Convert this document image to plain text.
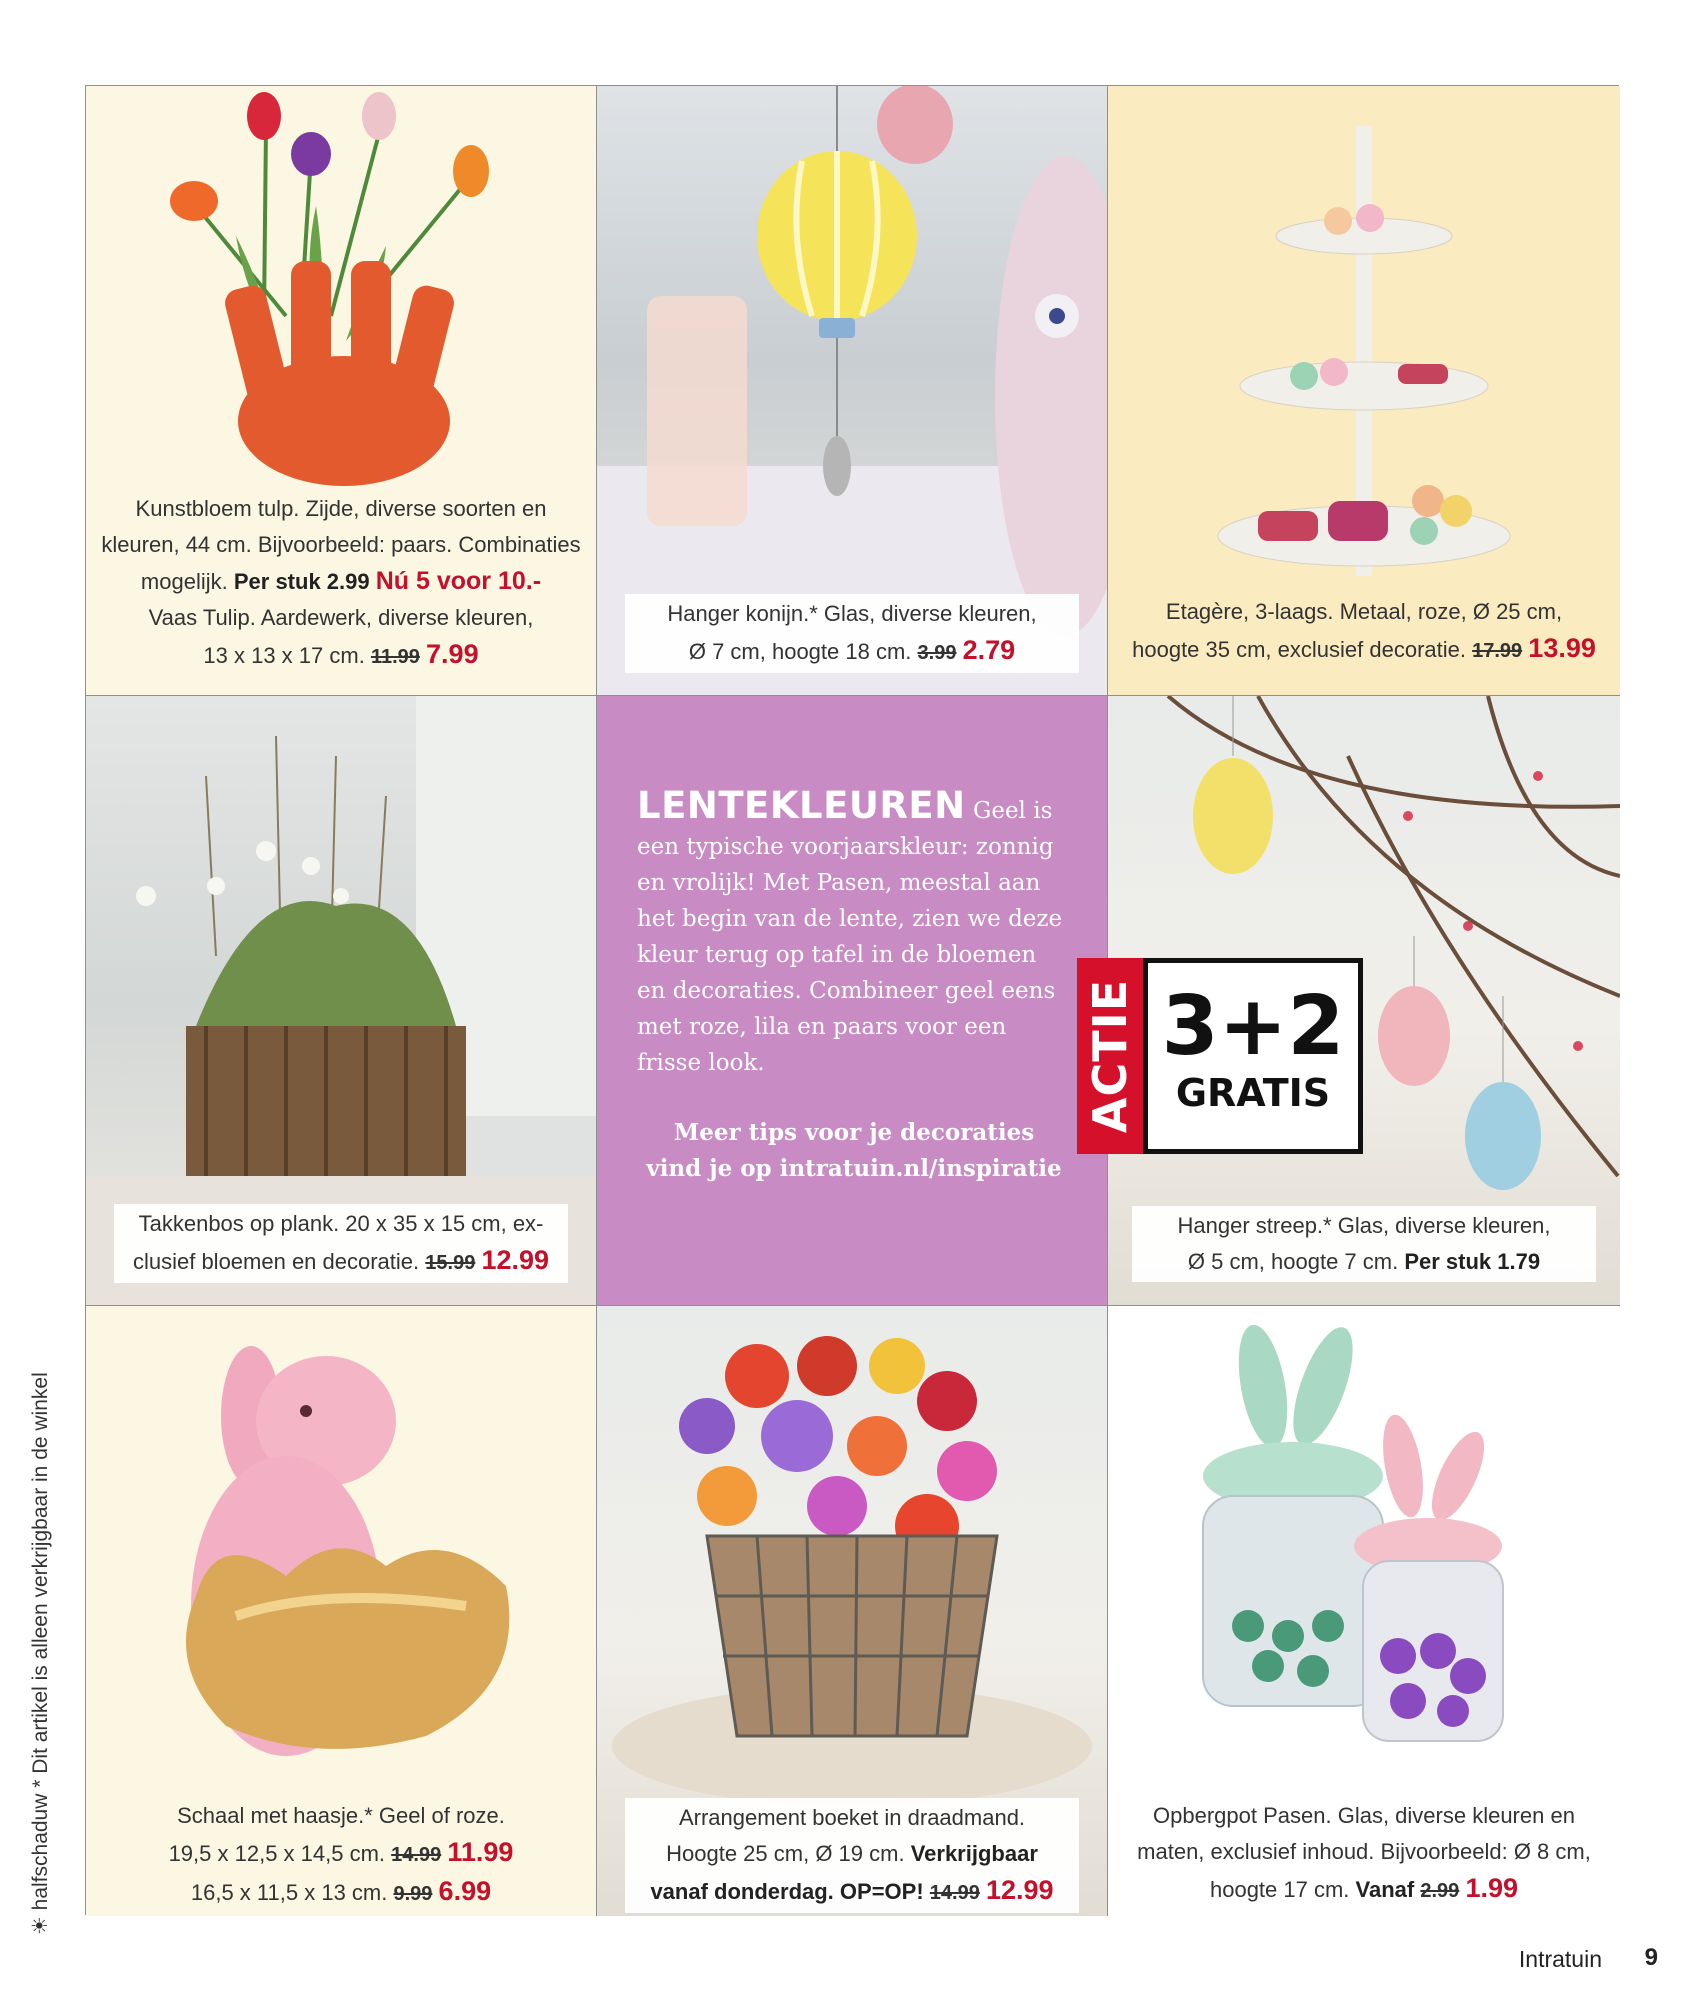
Kunstbloem tulp. Zijde, diverse soorten en
kleuren, 44 cm. Bijvoorbeeld: paars. Combinaties
mogelijk. Per stuk 2.99 Nú 5 voor 10.-
Vaas Tulip. Aardewerk, diverse kleuren,
13 x 13 x 17 cm. 11.99 7.99
Hanger konijn.* Glas, diverse kleuren,
Ø 7 cm, hoogte 18 cm. 3.99 2.79
Etagère, 3-laags. Metaal, roze, Ø 25 cm,
hoogte 35 cm, exclusief decoratie. 17.99 13.99
Takkenbos op plank. 20 x 35 x 15 cm, ex-
clusief bloemen en decoratie. 15.99 12.99
LENTEKLEUREN Geel is een typische voorjaarskleur: zonnig en vrolijk! Met Pasen, meestal aan het begin van de lente, zien we deze kleur terug op tafel in de bloemen en decoraties. Combineer geel eens met roze, lila en paars voor een frisse look.
Meer tips voor je decoraties
vind je op intratuin.nl/inspiratie
Hanger streep.* Glas, diverse kleuren,
Ø 5 cm, hoogte 7 cm. Per stuk 1.79
Schaal met haasje.* Geel of roze.
19,5 x 12,5 x 14,5 cm. 14.99 11.99
16,5 x 11,5 x 13 cm. 9.99 6.99
Arrangement boeket in draadmand.
Hoogte 25 cm, Ø 19 cm. Verkrijgbaar
vanaf donderdag. OP=OP! 14.99 12.99
Opbergpot Pasen. Glas, diverse kleuren en
maten, exclusief inhoud. Bijvoorbeeld: Ø 8 cm,
hoogte 17 cm. Vanaf 2.99 1.99
ACTIE 3+2
GRATIS
☀ halfschaduw * Dit artikel is alleen verkrijgbaar in de winkel
Intratuin 9
